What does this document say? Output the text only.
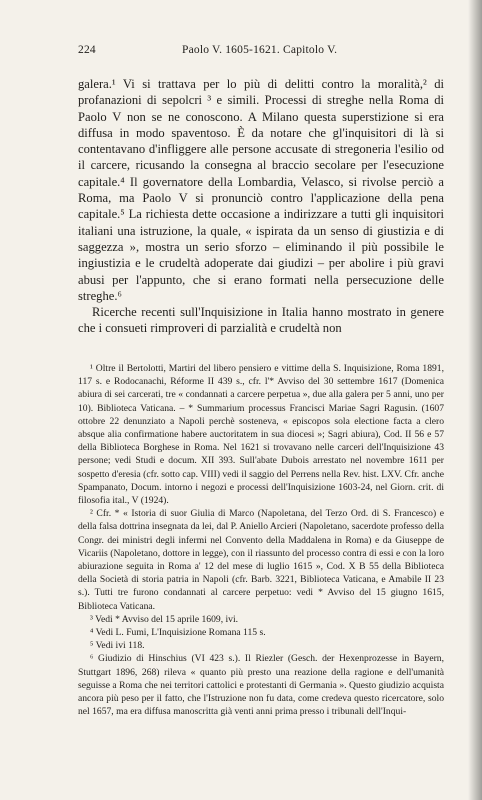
224	Paolo V. 1605-1621. Capitolo V.

galera.¹ Vi si trattava per lo più di delitti contro la moralità,² di profanazioni di sepolcri ³ e simili. Processi di streghe nella Roma di Paolo V non se ne conoscono. A Milano questa superstizione si era diffusa in modo spaventoso. È da notare che gl'inquisitori di là si contentavano d'infliggere alle persone accusate di stregoneria l'esilio od il carcere, ricusando la consegna al braccio secolare per l'esecuzione capitale.⁴ Il governatore della Lombardia, Velasco, si rivolse perciò a Roma, ma Paolo V si pronunciò contro l'applicazione della pena capitale.⁵ La richiesta dette occasione a indirizzare a tutti gli inquisitori italiani una istruzione, la quale, « ispirata da un senso di giustizia e di saggezza », mostra un serio sforzo – eliminando il più possibile le ingiustizia e le crudeltà adoperate dai giudizi – per abolire i più gravi abusi per l'appunto, che si erano formati nella persecuzione delle streghe.⁶

Ricerche recenti sull'Inquisizione in Italia hanno mostrato in genere che i consueti rimproveri di parzialità e crudeltà non

¹ Oltre il Bertolotti, Martiri del libero pensiero e vittime della S. Inquisizione, Roma 1891, 117 s. e Rodocanachi, Réforme II 439 s., cfr. l'* Avviso del 30 settembre 1617 (Domenica abiura di sei carcerati, tre « condannati a carcere perpetua », due alla galera per 5 anni, uno per 10). Biblioteca Vaticana. – * Summarium processus Francisci Mariae Sagri Ragusin. (1607 ottobre 22 denunziato a Napoli perchè sosteneva, « episcopos sola electione facta a clero absque alia confirmatione habere auctoritatem in sua diocesi »; Sagri abiura), Cod. II 56 e 57 della Biblioteca Borghese in Roma. Nel 1621 si trovavano nelle carceri dell'Inquisizione 43 persone; vedi Studi e docum. XII 393. Sull'abate Dubois arrestato nel novembre 1611 per sospetto d'eresia (cfr. sotto cap. VIII) vedi il saggio del Perrens nella Rev. hist. LXV. Cfr. anche Spampanato, Docum. intorno i negozi e processi dell'Inquisizione 1603-24, nel Giorn. crit. di filosofia ital., V (1924).

² Cfr. * « Istoria di suor Giulia di Marco (Napoletana, del Terzo Ord. di S. Francesco) e della falsa dottrina insegnata da lei, dal P. Aniello Arcieri (Napoletano, sacerdote professo della Congr. dei ministri degli infermi nel Convento della Maddalena in Roma) e da Giuseppe de Vicariis (Napoletano, dottore in legge), con il riassunto del processo contra di essi e con la loro abiurazione seguita in Roma a' 12 del mese di luglio 1615 », Cod. X B 55 della Biblioteca della Società di storia patria in Napoli (cfr. Barb. 3221, Biblioteca Vaticana, e Amabile II 23 s.). Tutti tre furono condannati al carcere perpetuo: vedi * Avviso del 15 giugno 1615, Biblioteca Vaticana.

³ Vedi * Avviso del 15 aprile 1609, ivi.

⁴ Vedi L. Fumi, L'Inquisizione Romana 115 s.

⁵ Vedi ivi 118.

⁶ Giudizio di Hinschius (VI 423 s.). Il Riezler (Gesch. der Hexenprozesse in Bayern, Stuttgart 1896, 268) rileva « quanto più presto una reazione della ragione e dell'umanità seguisse a Roma che nei territori cattolici e protestanti di Germania ». Questo giudizio acquista ancora più peso per il fatto, che l'Istruzione non fu data, come credeva questo ricercatore, solo nel 1657, ma era diffusa manoscritta già venti anni prima presso i tribunali dell'Inqui-
